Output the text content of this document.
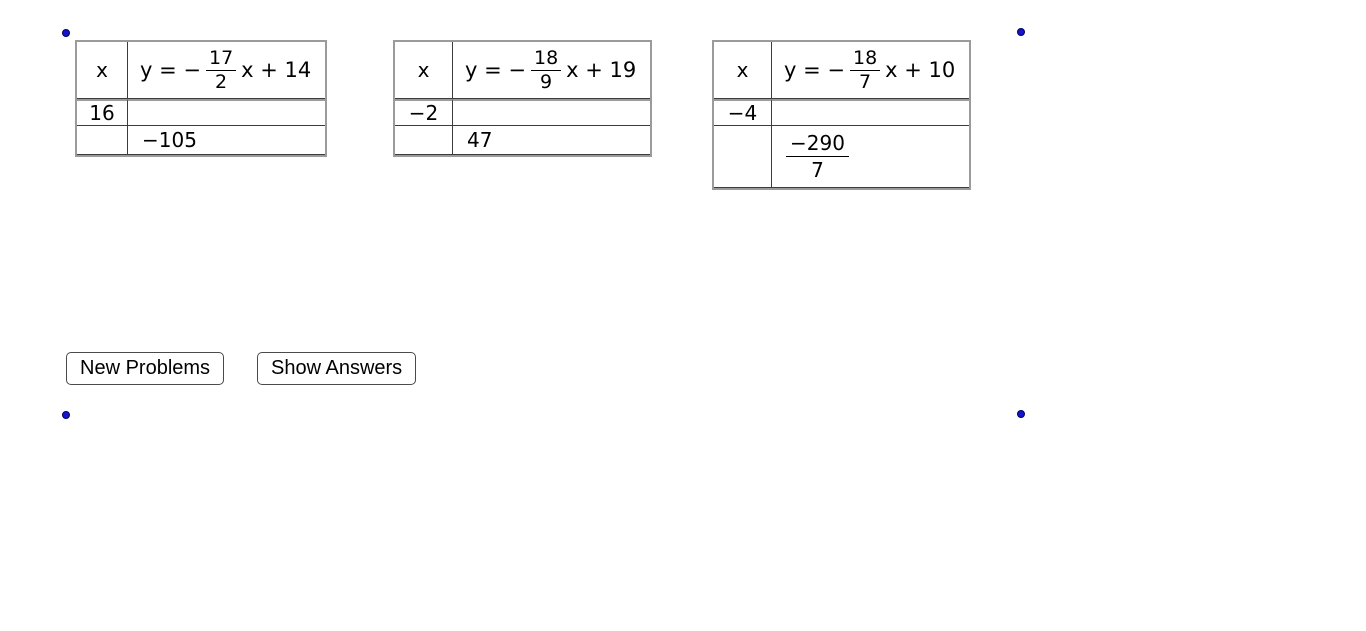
x	y = − $\frac{17}{2}$ x + 14

16	
	−105
x	y = − $\frac{18}{9}$ x + 19

−2	
	47
x	y = − $\frac{18}{7}$ x + 10

−4	

	$\frac{-290}{7}$
New Problems	Show Answers
